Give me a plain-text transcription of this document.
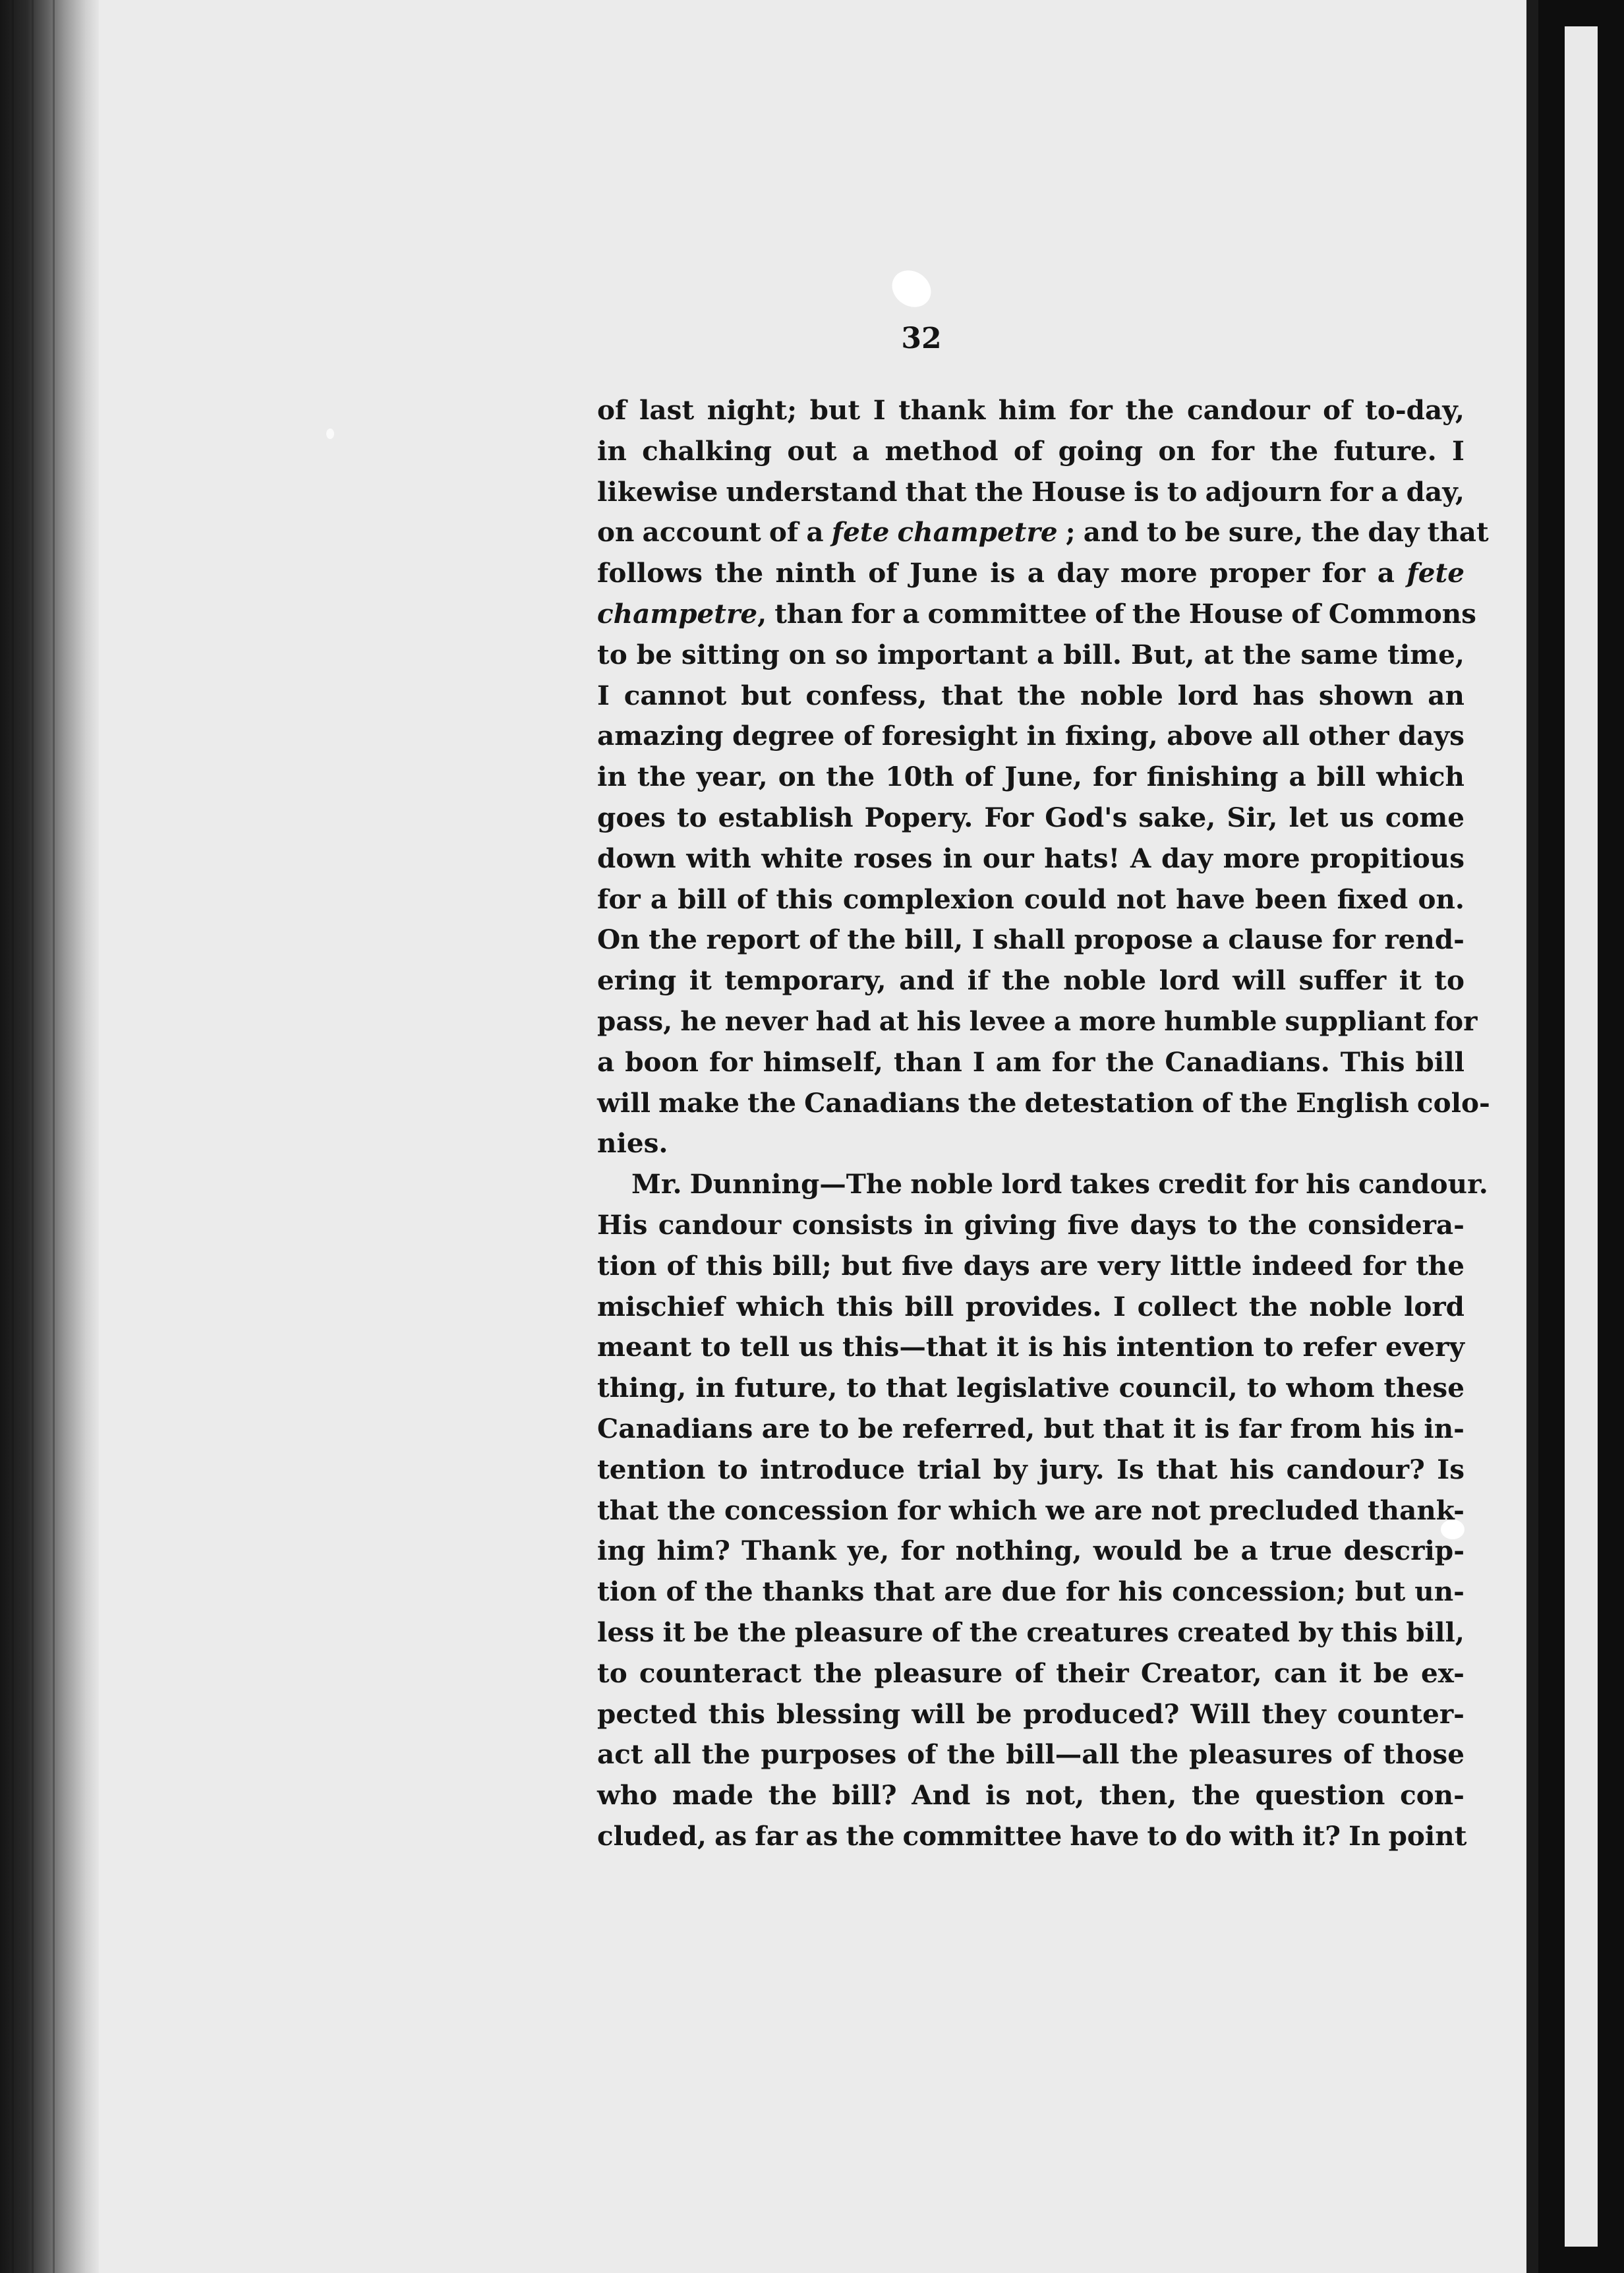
32
of last night; but I thank him for the candour of to-day,
in chalking out a method of going on for the future. I
likewise understand that the House is to adjourn for a day,
on account of a fete champetre ; and to be sure, the day that
follows the ninth of June is a day more proper for a fete
champetre, than for a committee of the House of Commons
to be sitting on so important a bill. But, at the same time,
I cannot but confess, that the noble lord has shown an
amazing degree of foresight in fixing, above all other days
in the year, on the 10th of June, for finishing a bill which
goes to establish Popery. For God's sake, Sir, let us come
down with white roses in our hats! A day more propitious
for a bill of this complexion could not have been fixed on.
On the report of the bill, I shall propose a clause for rend-
ering it temporary, and if the noble lord will suffer it to
pass, he never had at his levee a more humble suppliant for
a boon for himself, than I am for the Canadians. This bill
will make the Canadians the detestation of the English colo-
nies.
Mr. Dunning—The noble lord takes credit for his candour.
His candour consists in giving five days to the considera-
tion of this bill; but five days are very little indeed for the
mischief which this bill provides. I collect the noble lord
meant to tell us this—that it is his intention to refer every
thing, in future, to that legislative council, to whom these
Canadians are to be referred, but that it is far from his in-
tention to introduce trial by jury. Is that his candour? Is
that the concession for which we are not precluded thank-
ing him? Thank ye, for nothing, would be a true descrip-
tion of the thanks that are due for his concession; but un-
less it be the pleasure of the creatures created by this bill,
to counteract the pleasure of their Creator, can it be ex-
pected this blessing will be produced? Will they counter-
act all the purposes of the bill—all the pleasures of those
who made the bill? And is not, then, the question con-
cluded, as far as the committee have to do with it? In point
